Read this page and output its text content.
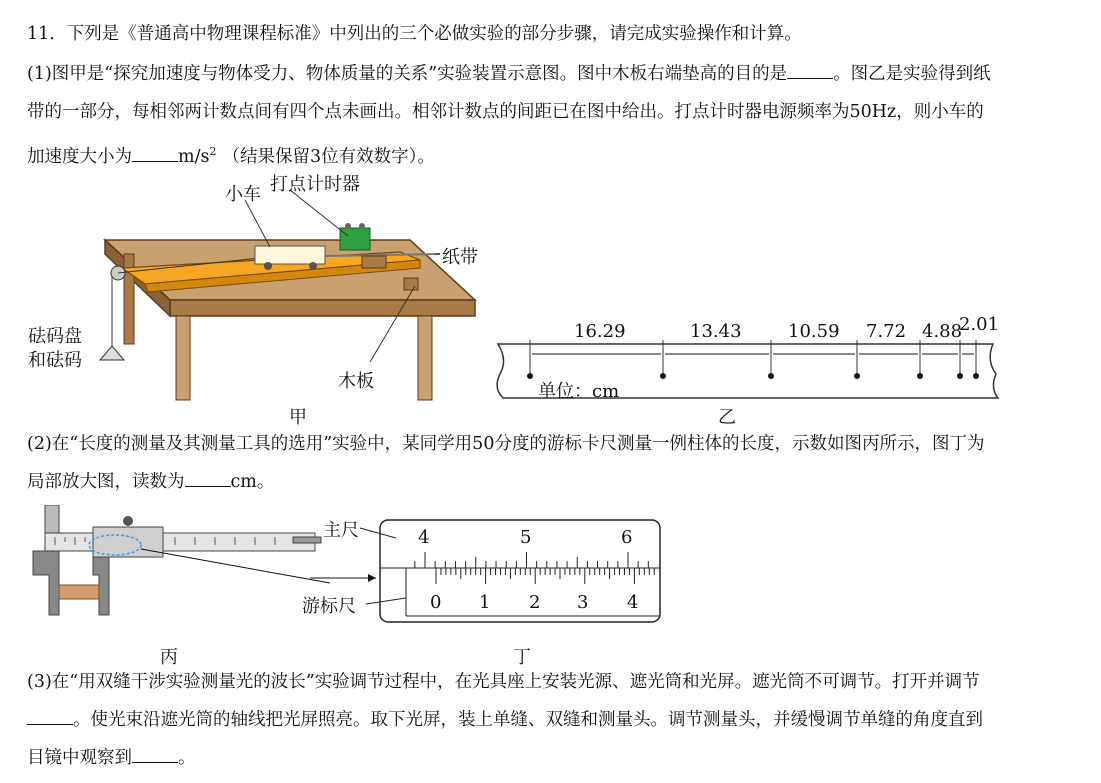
11．下列是《普通高中物理课程标准》中列出的三个必做实验的部分步骤，请完成实验操作和计算。
(1)图甲是“探究加速度与物体受力、物体质量的关系”实验装置示意图。图中木板右端垫高的目的是	。图乙是实验得到纸
带的一部分，每相邻两计数点间有四个点未画出。相邻计数点的间距已在图中给出。打点计时器电源频率为50Hz，则小车的
加速度大小为	$m/s^2$ （结果保留3位有效数字）。
(2)在“长度的测量及其测量工具的选用”实验中，某同学用50分度的游标卡尺测量一例柱体的长度，示数如图丙所示，图丁为
局部放大图，读数为	cm。
(3)在“用双缝干涉实验测量光的波长”实验调节过程中，在光具座上安装光源、遮光筒和光屏。遮光筒不可调节。打开并调节
。使光束沿遮光筒的轴线把光屏照亮。取下光屏，装上单缝、双缝和测量头。调节测量头，并缓慢调节单缝的角度直到
目镜中观察到	。
小车 打点计时器
纸带
砝码盘
和砝码
木板
甲
16.29	13.43	10.59 7.72 4.88
2.01
单位：cm
乙
丙
主尺
游标尺
4	5	6
0 1 2 3 4
丁
